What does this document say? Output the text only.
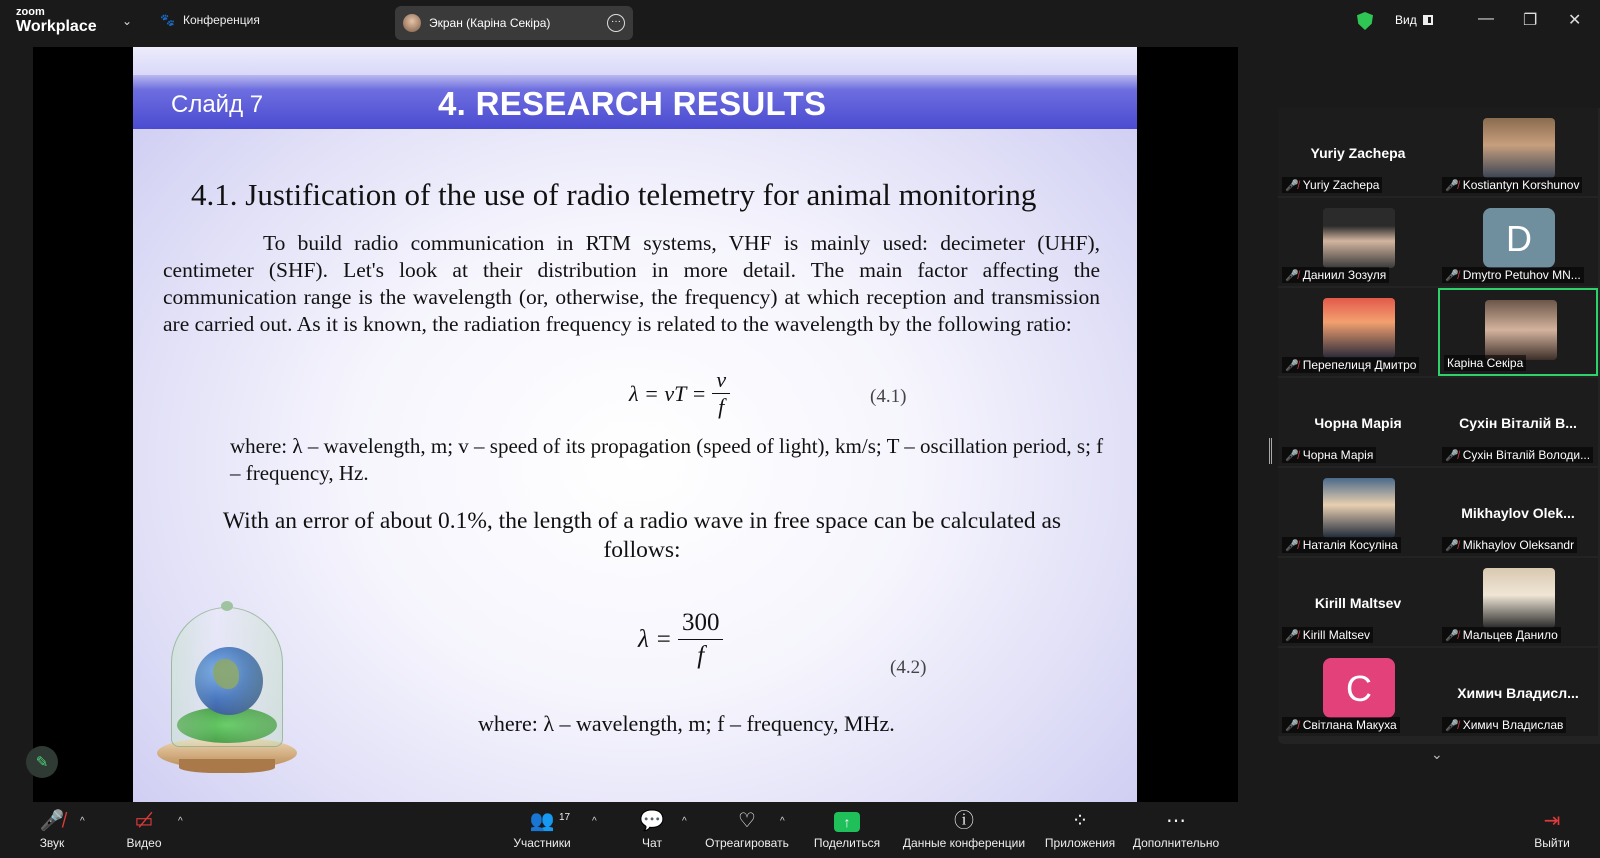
zoom
Workplace ⌄ 🐾 Конференция	Экран (Каріна Секіра)	···	Вид	— ❐ ✕
Слайд 7	4. RESEARCH RESULTS
4.1. Justification of the use of radio telemetry for animal monitoring
To build radio communication in RTM systems, VHF is mainly used: decimeter (UHF), centimeter (SHF). Let's look at their distribution in more detail. The main factor affecting the communication range is the wavelength (or, otherwise, the frequency) at which reception and transmission are carried out. As it is known, the radiation frequency is related to the wavelength by the following ratio:
λ = vT = $\frac{v}{f}$	(4.1)
where: λ – wavelength, m; v – speed of its propagation (speed of light), km/s; T – oscillation period, s; f – frequency, Hz.
With an error of about 0.1%, the length of a radio wave in free space can be calculated as follows:
$\lambda = \frac{300}{f}$	(4.2)
where: λ – wavelength, m; f – frequency, MHz.
✎
Yuriy Zachepa
🎤̸ Yuriy Zachepa	🎤̸ Kostiantyn Korshunov
🎤̸ Даниил Зозуля
D
🎤̸ Dmytro Petuhov MN...
🎤̸ Перепелиця Дмитро	Каріна Секіра
Чорна Марія
🎤̸ Чорна Марія
Сухін Віталій В...
🎤̸ Сухін Віталій Володи...
🎤̸ Наталія Косуліна
Mikhaylov Olek...
🎤̸ Mikhaylov Oleksandr
Kirill Maltsev
🎤̸ Kirill Maltsev	🎤̸ Мальцев Данило
С
🎤̸ Світлана Макуха
Химич Владисл...
🎤̸ Химич Владислав
⌄
🎤̸
Звук
^	▭̸
Видео
^	👥
Участники
17 ^ 💬
Чат
^	♡
Отреагировать
^	↑
Поделиться
ⓘ
Данные конференции
⁘
Приложения
⋯
Дополнительно
⇥
Выйти
